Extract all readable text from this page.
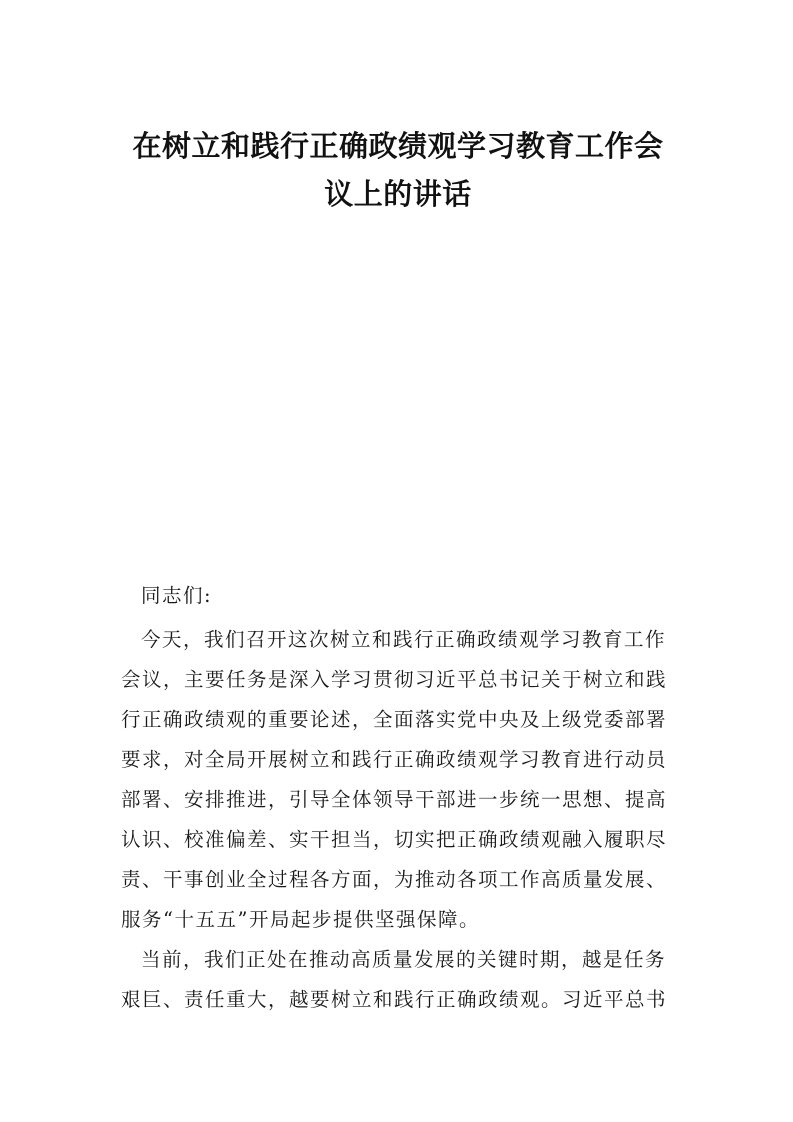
在树立和践行正确政绩观学习教育工作会
议上的讲话
同志们:
今天，我们召开这次树立和践行正确政绩观学习教育工作
会议，主要任务是深入学习贯彻习近平总书记关于树立和践
行正确政绩观的重要论述，全面落实党中央及上级党委部署
要求，对全局开展树立和践行正确政绩观学习教育进行动员
部署、安排推进，引导全体领导干部进一步统一思想、提高
认识、校准偏差、实干担当，切实把正确政绩观融入履职尽
责、干事创业全过程各方面，为推动各项工作高质量发展、
服务“十五五”开局起步提供坚强保障。
当前，我们正处在推动高质量发展的关键时期，越是任务
艰巨、责任重大，越要树立和践行正确政绩观。习近平总书
